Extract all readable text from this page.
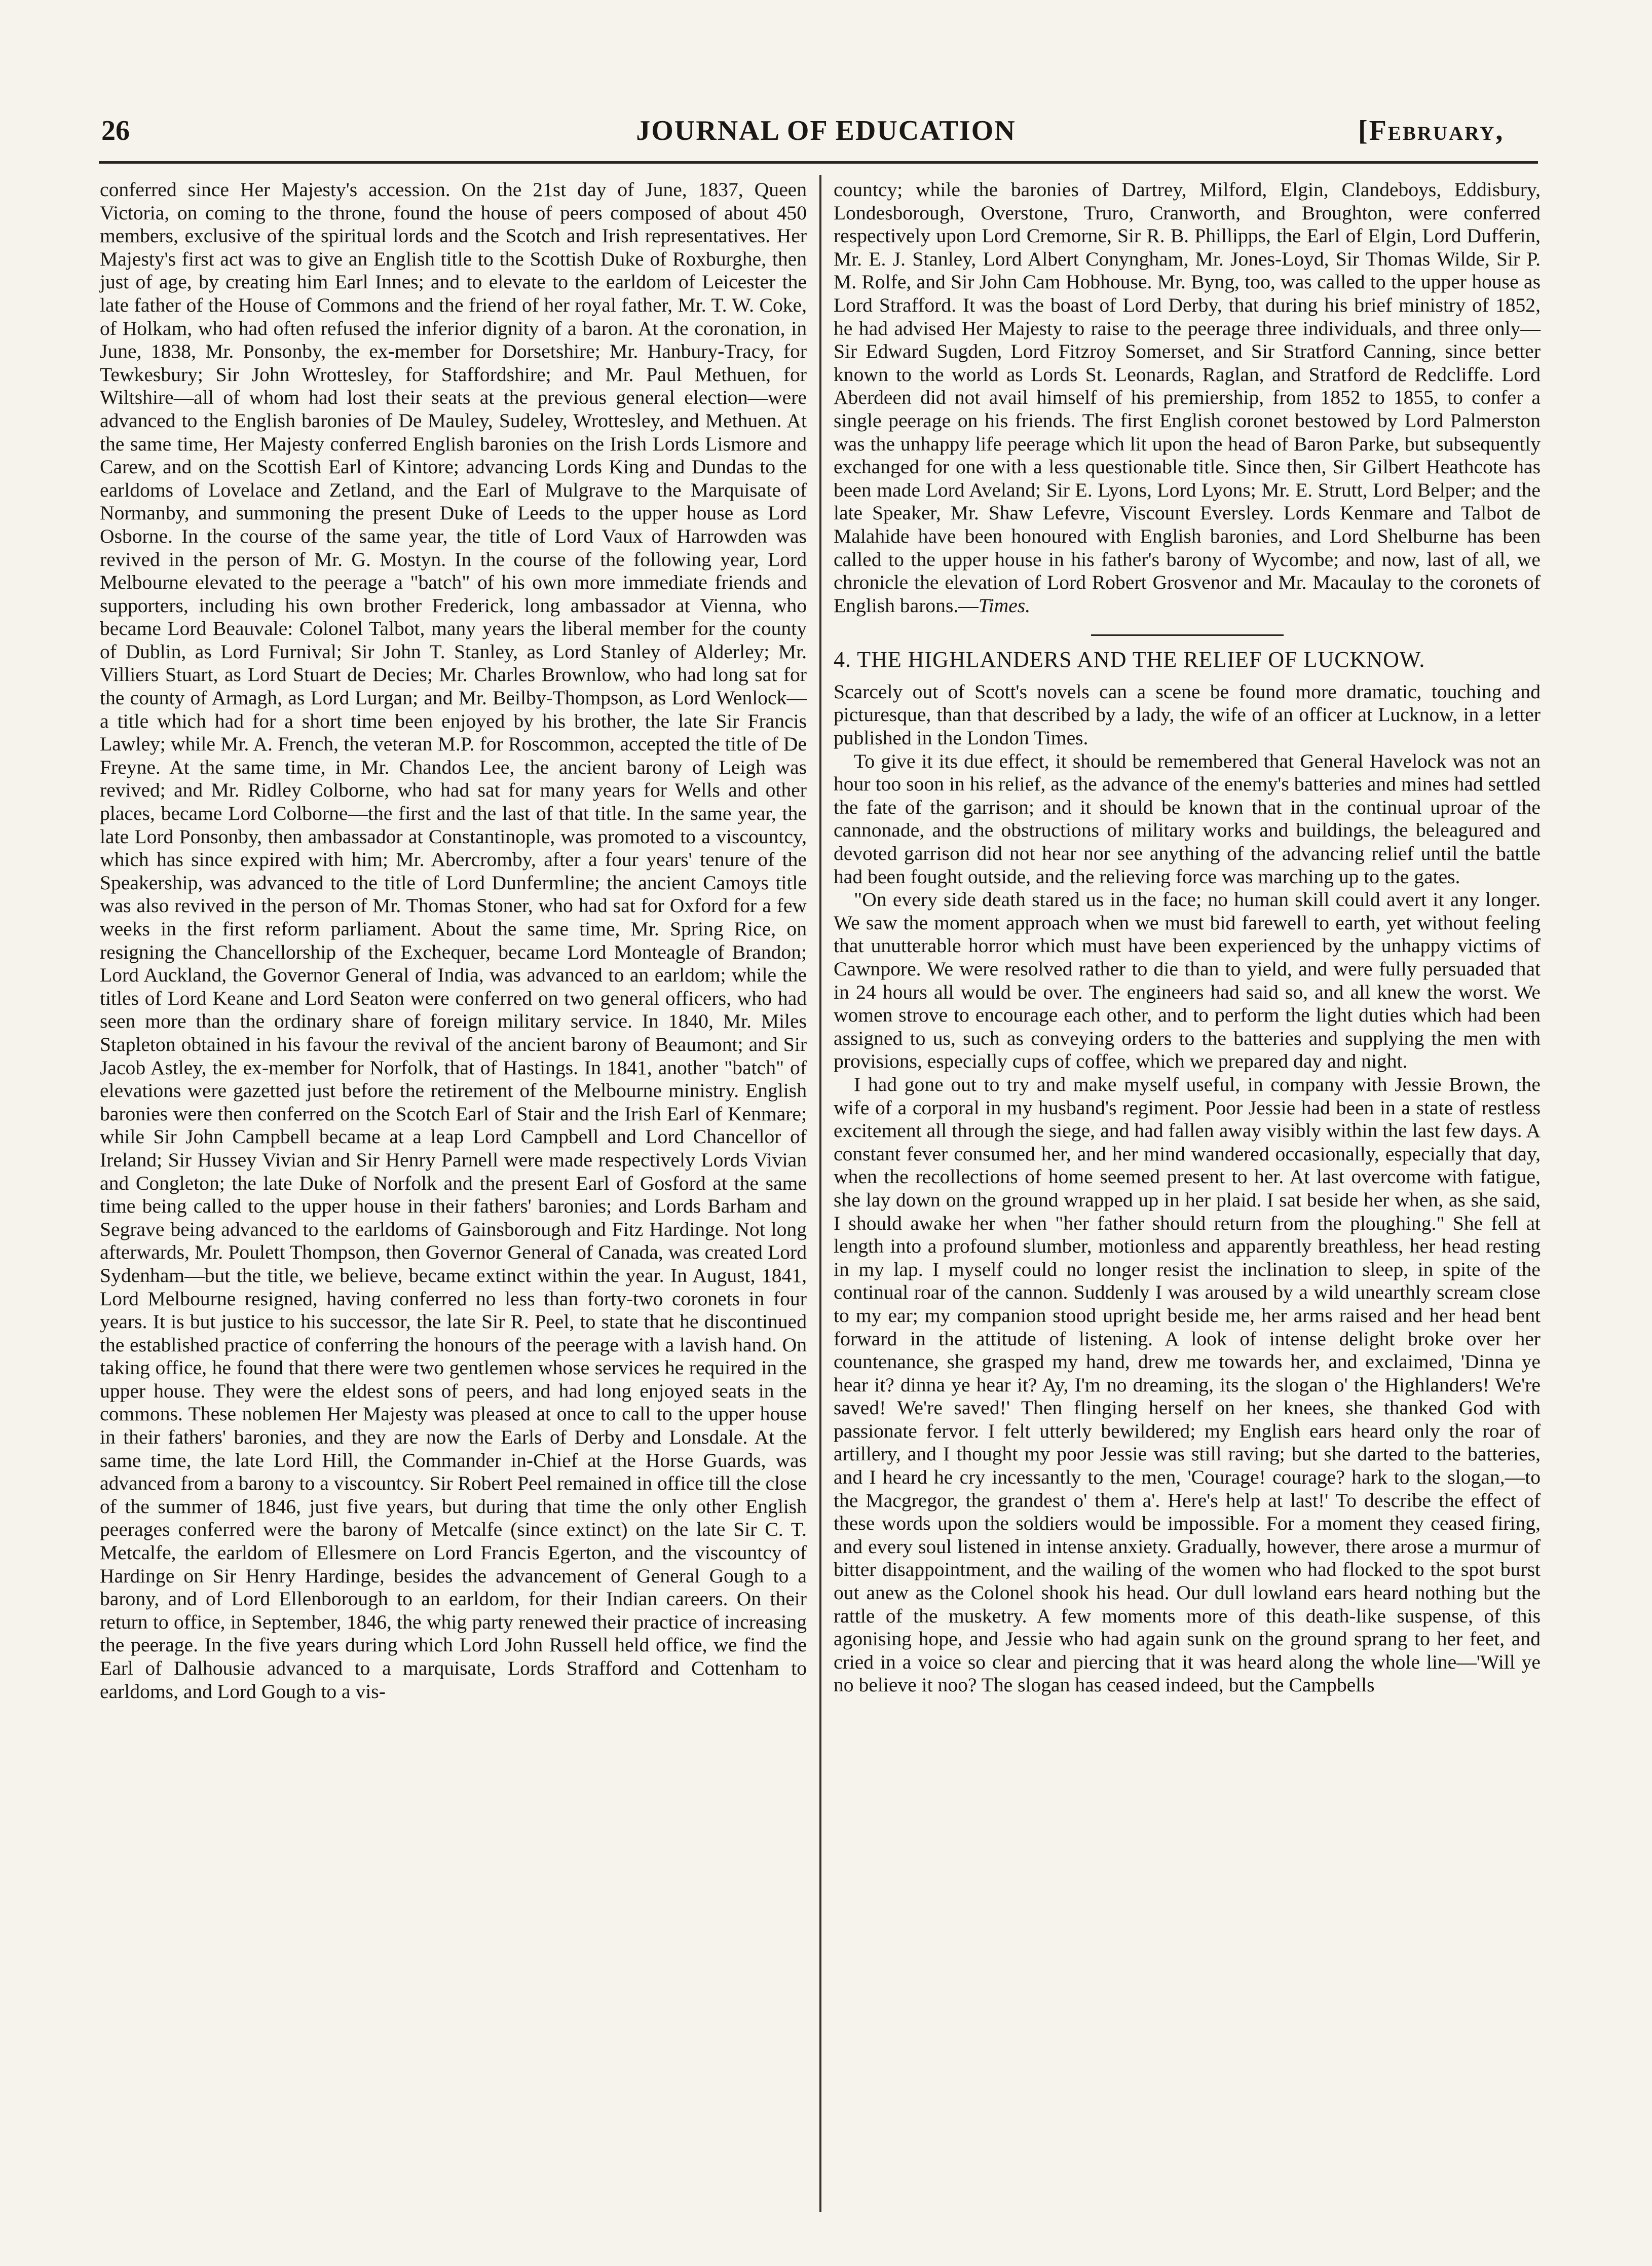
26	JOURNAL OF EDUCATION	[February,

conferred since Her Majesty's accession. On the 21st day of June, 1837, Queen Victoria, on coming to the throne, found the house of peers composed of about 450 members, exclusive of the spiritual lords and the Scotch and Irish representatives. Her Majesty's first act was to give an English title to the Scottish Duke of Roxburghe, then just of age, by creating him Earl Innes; and to elevate to the earldom of Leicester the late father of the House of Commons and the friend of her royal father, Mr. T. W. Coke, of Holkam, who had often refused the inferior dignity of a baron. At the coronation, in June, 1838, Mr. Ponsonby, the ex-member for Dorsetshire; Mr. Hanbury-Tracy, for Tewkesbury; Sir John Wrottesley, for Staffordshire; and Mr. Paul Methuen, for Wiltshire—all of whom had lost their seats at the previous general election—were advanced to the English baronies of De Mauley, Sudeley, Wrottesley, and Methuen. At the same time, Her Majesty conferred English baronies on the Irish Lords Lismore and Carew, and on the Scottish Earl of Kintore; advancing Lords King and Dundas to the earldoms of Lovelace and Zetland, and the Earl of Mulgrave to the Marquisate of Normanby, and summoning the present Duke of Leeds to the upper house as Lord Osborne. In the course of the same year, the title of Lord Vaux of Harrowden was revived in the person of Mr. G. Mostyn. In the course of the following year, Lord Melbourne elevated to the peerage a "batch" of his own more immediate friends and supporters, including his own brother Frederick, long ambassador at Vienna, who became Lord Beauvale: Colonel Talbot, many years the liberal member for the county of Dublin, as Lord Furnival; Sir John T. Stanley, as Lord Stanley of Alderley; Mr. Villiers Stuart, as Lord Stuart de Decies; Mr. Charles Brownlow, who had long sat for the county of Armagh, as Lord Lurgan; and Mr. Beilby-Thompson, as Lord Wenlock—a title which had for a short time been enjoyed by his brother, the late Sir Francis Lawley; while Mr. A. French, the veteran M.P. for Roscommon, accepted the title of De Freyne. At the same time, in Mr. Chandos Lee, the ancient barony of Leigh was revived; and Mr. Ridley Colborne, who had sat for many years for Wells and other places, became Lord Colborne—the first and the last of that title. In the same year, the late Lord Ponsonby, then ambassador at Constantinople, was promoted to a viscountcy, which has since expired with him; Mr. Abercromby, after a four years' tenure of the Speakership, was advanced to the title of Lord Dunfermline; the ancient Camoys title was also revived in the person of Mr. Thomas Stoner, who had sat for Oxford for a few weeks in the first reform parliament. About the same time, Mr. Spring Rice, on resigning the Chancellorship of the Exchequer, became Lord Monteagle of Brandon; Lord Auckland, the Governor General of India, was advanced to an earldom; while the titles of Lord Keane and Lord Seaton were conferred on two general officers, who had seen more than the ordinary share of foreign military service. In 1840, Mr. Miles Stapleton obtained in his favour the revival of the ancient barony of Beaumont; and Sir Jacob Astley, the ex-member for Norfolk, that of Hastings. In 1841, another "batch" of elevations were gazetted just before the retirement of the Melbourne ministry. English baronies were then conferred on the Scotch Earl of Stair and the Irish Earl of Kenmare; while Sir John Campbell became at a leap Lord Campbell and Lord Chancellor of Ireland; Sir Hussey Vivian and Sir Henry Parnell were made respectively Lords Vivian and Congleton; the late Duke of Norfolk and the present Earl of Gosford at the same time being called to the upper house in their fathers' baronies; and Lords Barham and Segrave being advanced to the earldoms of Gainsborough and Fitz Hardinge. Not long afterwards, Mr. Poulett Thompson, then Governor General of Canada, was created Lord Sydenham—but the title, we believe, became extinct within the year. In August, 1841, Lord Melbourne resigned, having conferred no less than forty-two coronets in four years. It is but justice to his successor, the late Sir R. Peel, to state that he discontinued the established practice of conferring the honours of the peerage with a lavish hand. On taking office, he found that there were two gentlemen whose services he required in the upper house. They were the eldest sons of peers, and had long enjoyed seats in the commons. These noblemen Her Majesty was pleased at once to call to the upper house in their fathers' baronies, and they are now the Earls of Derby and Lonsdale. At the same time, the late Lord Hill, the Commander in-Chief at the Horse Guards, was advanced from a barony to a viscountcy. Sir Robert Peel remained in office till the close of the summer of 1846, just five years, but during that time the only other English peerages conferred were the barony of Metcalfe (since extinct) on the late Sir C. T. Metcalfe, the earldom of Ellesmere on Lord Francis Egerton, and the viscountcy of Hardinge on Sir Henry Hardinge, besides the advancement of General Gough to a barony, and of Lord Ellenborough to an earldom, for their Indian careers. On their return to office, in September, 1846, the whig party renewed their practice of increasing the peerage. In the five years during which Lord John Russell held office, we find the Earl of Dalhousie advanced to a marquisate, Lords Strafford and Cottenham to earldoms, and Lord Gough to a vis-

countcy; while the baronies of Dartrey, Milford, Elgin, Clandeboys, Eddisbury, Londesborough, Overstone, Truro, Cranworth, and Broughton, were conferred respectively upon Lord Cremorne, Sir R. B. Phillipps, the Earl of Elgin, Lord Dufferin, Mr. E. J. Stanley, Lord Albert Conyngham, Mr. Jones-Loyd, Sir Thomas Wilde, Sir P. M. Rolfe, and Sir John Cam Hobhouse. Mr. Byng, too, was called to the upper house as Lord Strafford. It was the boast of Lord Derby, that during his brief ministry of 1852, he had advised Her Majesty to raise to the peerage three individuals, and three only—Sir Edward Sugden, Lord Fitzroy Somerset, and Sir Stratford Canning, since better known to the world as Lords St. Leonards, Raglan, and Stratford de Redcliffe. Lord Aberdeen did not avail himself of his premiership, from 1852 to 1855, to confer a single peerage on his friends. The first English coronet bestowed by Lord Palmerston was the unhappy life peerage which lit upon the head of Baron Parke, but subsequently exchanged for one with a less questionable title. Since then, Sir Gilbert Heathcote has been made Lord Aveland; Sir E. Lyons, Lord Lyons; Mr. E. Strutt, Lord Belper; and the late Speaker, Mr. Shaw Lefevre, Viscount Eversley. Lords Kenmare and Talbot de Malahide have been honoured with English baronies, and Lord Shelburne has been called to the upper house in his father's barony of Wycombe; and now, last of all, we chronicle the elevation of Lord Robert Grosvenor and Mr. Macaulay to the coronets of English barons.—Times.

4. THE HIGHLANDERS AND THE RELIEF OF LUCKNOW.

Scarcely out of Scott's novels can a scene be found more dramatic, touching and picturesque, than that described by a lady, the wife of an officer at Lucknow, in a letter published in the London Times.

To give it its due effect, it should be remembered that General Havelock was not an hour too soon in his relief, as the advance of the enemy's batteries and mines had settled the fate of the garrison; and it should be known that in the continual uproar of the cannonade, and the obstructions of military works and buildings, the beleagured and devoted garrison did not hear nor see anything of the advancing relief until the battle had been fought outside, and the relieving force was marching up to the gates.

"On every side death stared us in the face; no human skill could avert it any longer. We saw the moment approach when we must bid farewell to earth, yet without feeling that unutterable horror which must have been experienced by the unhappy victims of Cawnpore. We were resolved rather to die than to yield, and were fully persuaded that in 24 hours all would be over. The engineers had said so, and all knew the worst. We women strove to encourage each other, and to perform the light duties which had been assigned to us, such as conveying orders to the batteries and supplying the men with provisions, especially cups of coffee, which we prepared day and night.

I had gone out to try and make myself useful, in company with Jessie Brown, the wife of a corporal in my husband's regiment. Poor Jessie had been in a state of restless excitement all through the siege, and had fallen away visibly within the last few days. A constant fever consumed her, and her mind wandered occasionally, especially that day, when the recollections of home seemed present to her. At last overcome with fatigue, she lay down on the ground wrapped up in her plaid. I sat beside her when, as she said, I should awake her when "her father should return from the ploughing." She fell at length into a profound slumber, motionless and apparently breathless, her head resting in my lap. I myself could no longer resist the inclination to sleep, in spite of the continual roar of the cannon. Suddenly I was aroused by a wild unearthly scream close to my ear; my companion stood upright beside me, her arms raised and her head bent forward in the attitude of listening. A look of intense delight broke over her countenance, she grasped my hand, drew me towards her, and exclaimed, 'Dinna ye hear it? dinna ye hear it? Ay, I'm no dreaming, its the slogan o' the Highlanders! We're saved! We're saved!' Then flinging herself on her knees, she thanked God with passionate fervor. I felt utterly bewildered; my English ears heard only the roar of artillery, and I thought my poor Jessie was still raving; but she darted to the batteries, and I heard he cry incessantly to the men, 'Courage! courage? hark to the slogan,—to the Macgregor, the grandest o' them a'. Here's help at last!' To describe the effect of these words upon the soldiers would be impossible. For a moment they ceased firing, and every soul listened in intense anxiety. Gradually, however, there arose a murmur of bitter disappointment, and the wailing of the women who had flocked to the spot burst out anew as the Colonel shook his head. Our dull lowland ears heard nothing but the rattle of the musketry. A few moments more of this death-like suspense, of this agonising hope, and Jessie who had again sunk on the ground sprang to her feet, and cried in a voice so clear and piercing that it was heard along the whole line—'Will ye no believe it noo? The slogan has ceased indeed, but the Campbells
